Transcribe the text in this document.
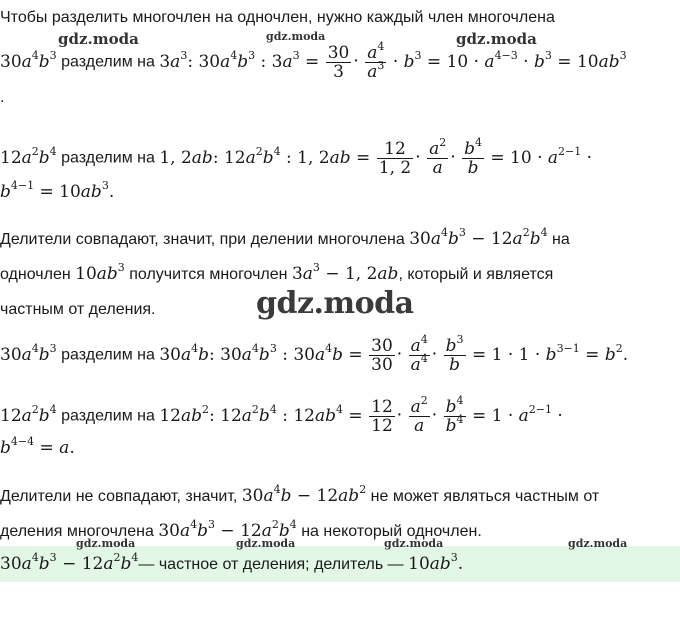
Чтобы разделить многочлен на одночлен, нужно каждый член многочлена
$30a^4b^3$ разделим на $3a^3$: $30a^4b^3$ : $3a^3 = \frac{30}{3} \cdot \frac{a^4}{a^3} \cdot b^3 = 10 \cdot a^{4-3} \cdot b^3 = 10ab^3$
.
$12a^2b^4$ разделим на 1, 2ab: $12a^2b^4$ : 1, $2ab = \frac{12}{1, 2} \cdot \frac{a^2}{a} \cdot \frac{b^4}{b} = 10 \cdot a^{2-1}$ ·
$b^{4-1} = 10ab^3$.
Делители совпадают, значит, при делении многочлена $30a^4b^3 - 12a^2b^4$ на
одночлен $10ab^3$ получится многочлен $3a^3 - 1$, 2ab, который и является
частным от деления.
$30a^4b^3$ разделим на $30a^4b$: $30a^4b^3$ : $30a^4b = \frac{30}{30} \cdot \frac{a^4}{a^4} \cdot \frac{b^3}{b} = 1 \cdot 1 \cdot b^{3-1} = b^2$.
$12a^2b^4$ разделим на $12ab^2$: $12a^2b^4$ : $12ab^4 = \frac{12}{12} \cdot \frac{a^2}{a} \cdot \frac{b^4}{b^4} = 1 \cdot a^{2-1}$ ·
$b^{4-4} = a$.
Делители не совпадают, значит, $30a^4b - 12ab^2$ не может являться частным от
деления многочлена $30a^4b^3 - 12a^2b^4$ на некоторый одночлен.
$30a^4b^3$ − $12a^2b^4—$ частное от деления; делитель — $10ab^3$.
gdz.moda	gdz.moda	gdz.moda
gdz.moda
gdz.moda	gdz.moda	gdz.moda	gdz.moda
